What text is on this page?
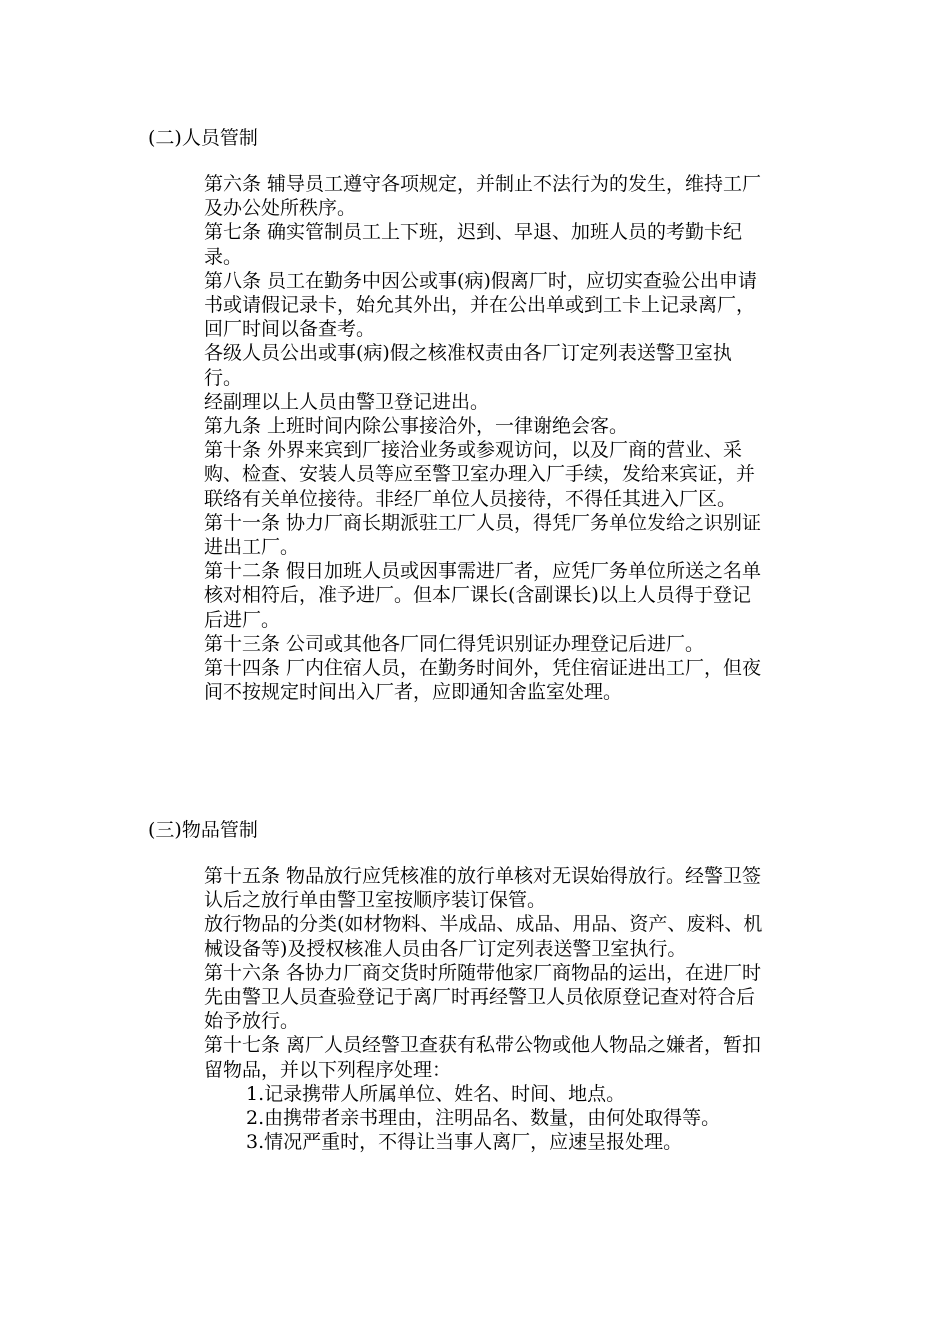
(二)人员管制

第六条 辅导员工遵守各项规定，并制止不法行为的发生，维持工厂及办公处所秩序。

第七条 确实管制员工上下班，迟到、早退、加班人员的考勤卡纪录。

第八条 员工在勤务中因公或事(病)假离厂时，应切实查验公出申请书或请假记录卡，始允其外出，并在公出单或到工卡上记录离厂，回厂时间以备查考。

各级人员公出或事(病)假之核准权责由各厂订定列表送警卫室执行。

经副理以上人员由警卫登记进出。

第九条 上班时间内除公事接洽外，一律谢绝会客。

第十条 外界来宾到厂接洽业务或参观访问，以及厂商的营业、采购、检查、安装人员等应至警卫室办理入厂手续，发给来宾证，并联络有关单位接待。非经厂单位人员接待，不得任其进入厂区。

第十一条 协力厂商长期派驻工厂人员，得凭厂务单位发给之识别证进出工厂。

第十二条 假日加班人员或因事需进厂者，应凭厂务单位所送之名单核对相符后，准予进厂。但本厂课长(含副课长)以上人员得于登记后进厂。

第十三条 公司或其他各厂同仁得凭识别证办理登记后进厂。

第十四条 厂内住宿人员，在勤务时间外，凭住宿证进出工厂，但夜间不按规定时间出入厂者，应即通知舍监室处理。

(三)物品管制

第十五条 物品放行应凭核准的放行单核对无误始得放行。经警卫签认后之放行单由警卫室按顺序装订保管。

放行物品的分类(如材物料、半成品、成品、用品、资产、废料、机械设备等)及授权核准人员由各厂订定列表送警卫室执行。

第十六条 各协力厂商交货时所随带他家厂商物品的运出，在进厂时先由警卫人员查验登记于离厂时再经警卫人员依原登记查对符合后始予放行。

第十七条 离厂人员经警卫查获有私带公物或他人物品之嫌者，暂扣留物品，并以下列程序处理：

1.记录携带人所属单位、姓名、时间、地点。

2.由携带者亲书理由，注明品名、数量，由何处取得等。

3.情况严重时，不得让当事人离厂，应速呈报处理。
